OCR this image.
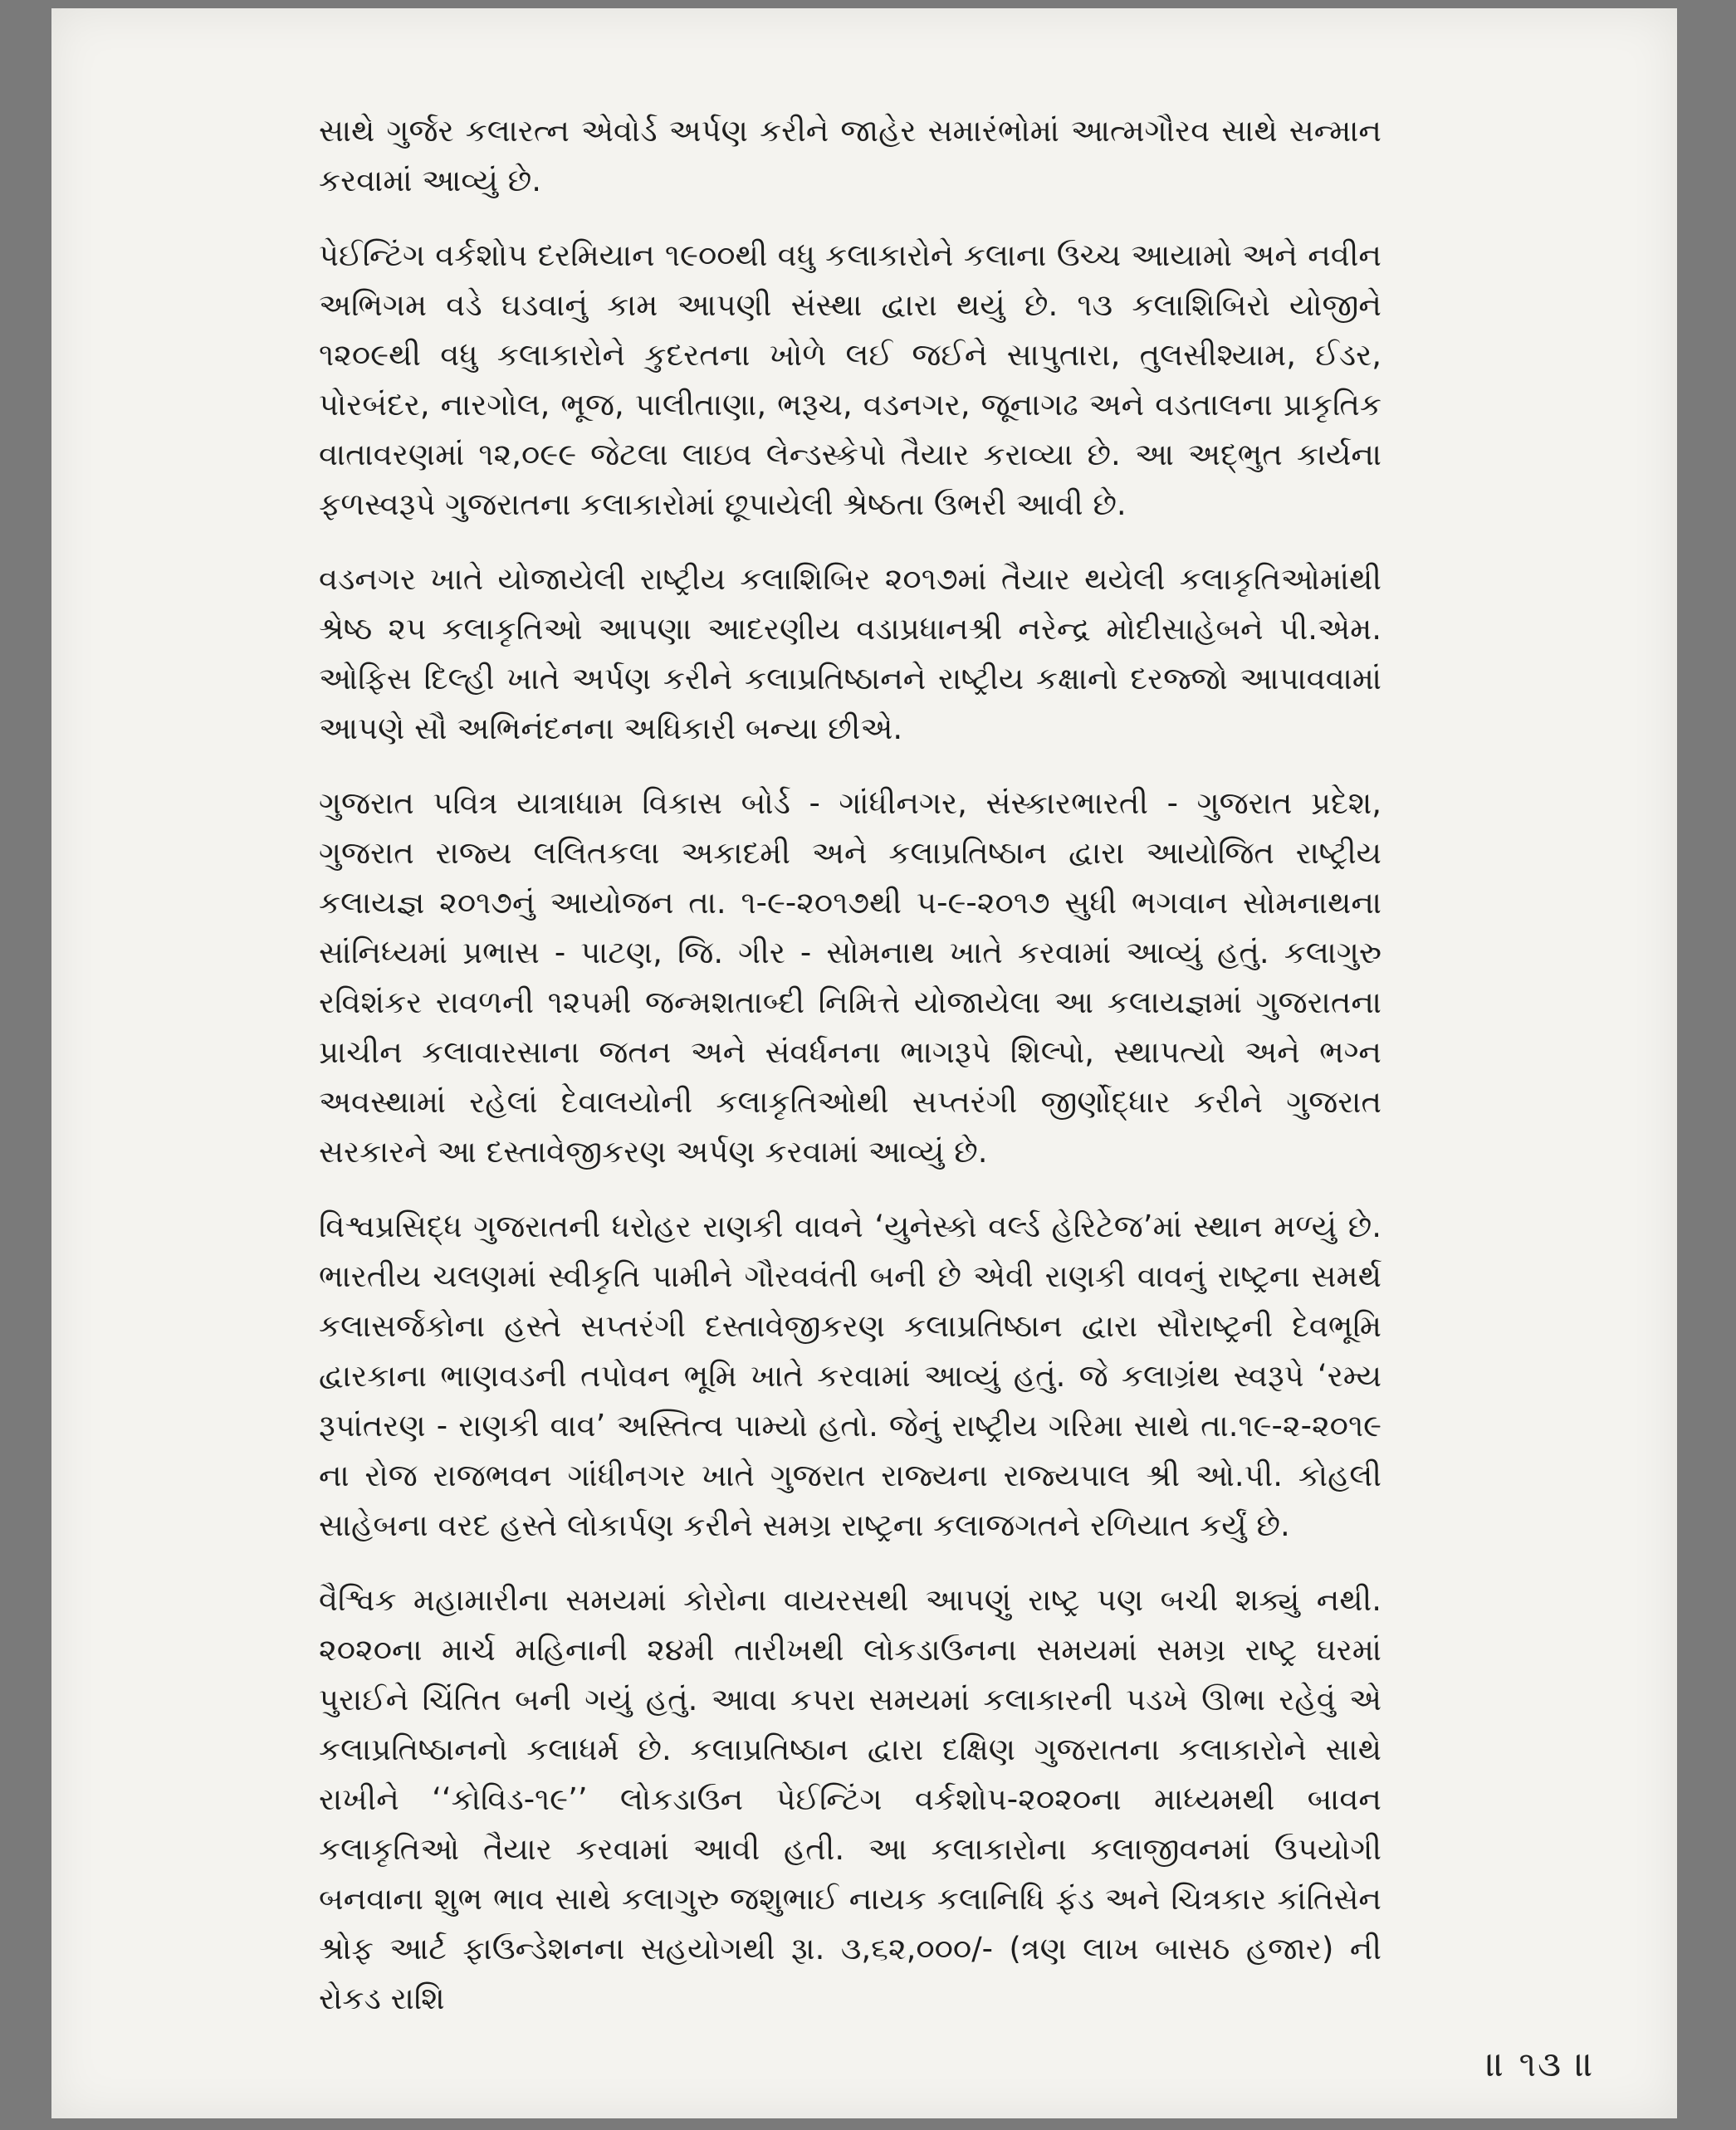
સાથે ગુર્જર કલારત્ન એવોર્ડ અર્પણ કરીને જાહેર સમારંભોમાં આત્મગૌરવ સાથે સન્માન કરવામાં આવ્યું છે.

પેઈન્ટિંગ વર્કશોપ દરમિયાન ૧૯૦૦થી વધુ કલાકારોને કલાના ઉચ્ચ આયામો અને નવીન અભિગમ વડે ઘડવાનું કામ આપણી સંસ્થા દ્વારા થયું છે. ૧૩ કલાશિબિરો યોજીને ૧૨૦૯થી વધુ કલાકારોને કુદરતના ખોળે લઈ જઈને સાપુતારા, તુલસીશ્યામ, ઈડર, પોરબંદર, નારગોલ, ભૂજ, પાલીતાણા, ભરૂચ, વડનગર, જૂનાગઢ અને વડતાલના પ્રાકૃતિક વાતાવરણમાં ૧૨,૦૯૯ જેટલા લાઇવ લેન્ડસ્કેપો તૈયાર કરાવ્યા છે. આ અદ્ભુત કાર્યના ફળસ્વરૂપે ગુજરાતના કલાકારોમાં છૂપાયેલી શ્રેષ્ઠતા ઉભરી આવી છે.

વડનગર ખાતે યોજાયેલી રાષ્ટ્રીય કલાશિબિર ૨૦૧૭માં તૈયાર થયેલી કલાકૃતિઓમાંથી શ્રેષ્ઠ ૨૫ કલાકૃતિઓ આપણા આદરણીય વડાપ્રધાનશ્રી નરેન્દ્ર મોદીસાહેબને પી.એમ. ઓફિસ દિલ્હી ખાતે અર્પણ કરીને કલાપ્રતિષ્ઠાનને રાષ્ટ્રીય કક્ષાનો દરજ્જો આપાવવામાં આપણે સૌ અભિનંદનના અધિકારી બન્યા છીએ.

ગુજરાત પવિત્ર યાત્રાધામ વિકાસ બોર્ડ - ગાંધીનગર, સંસ્કારભારતી - ગુજરાત પ્રદેશ, ગુજરાત રાજ્ય લલિતકલા અકાદમી અને કલાપ્રતિષ્ઠાન દ્વારા આયોજિત રાષ્ટ્રીય કલાયજ્ઞ ૨૦૧૭નું આયોજન તા. ૧-૯-૨૦૧૭થી ૫-૯-૨૦૧૭ સુધી ભગવાન સોમનાથના સાંનિધ્યમાં પ્રભાસ - પાટણ, જિ. ગીર - સોમનાથ ખાતે કરવામાં આવ્યું હતું. કલાગુરુ રવિશંકર રાવળની ૧૨૫મી જન્મશતાબ્દી નિમિત્તે યોજાયેલા આ કલાયજ્ઞમાં ગુજરાતના પ્રાચીન કલાવારસાના જતન અને સંવર્ધનના ભાગરૂપે શિલ્પો, સ્થાપત્યો અને ભગ્ન અવસ્થામાં રહેલાં દેવાલયોની કલાકૃતિઓથી સપ્તરંગી જીર્ણોદ્ધાર કરીને ગુજરાત સરકારને આ દસ્તાવેજીકરણ અર્પણ કરવામાં આવ્યું છે.

વિશ્વપ્રસિદ્ધ ગુજરાતની ધરોહર રાણકી વાવને ‘યુનેસ્કો વર્લ્ડ હેરિટેજ’માં સ્થાન મળ્યું છે. ભારતીય ચલણમાં સ્વીકૃતિ પામીને ગૌરવવંતી બની છે એવી રાણકી વાવનું રાષ્ટ્રના સમર્થ કલાસર્જકોના હસ્તે સપ્તરંગી દસ્તાવેજીકરણ કલાપ્રતિષ્ઠાન દ્વારા સૌરાષ્ટ્રની દેવભૂમિ દ્વારકાના ભાણવડની તપોવન ભૂમિ ખાતે કરવામાં આવ્યું હતું. જે કલાગ્રંથ સ્વરૂપે ‘રમ્ય રૂપાંતરણ - રાણકી વાવ’ અસ્તિત્વ પામ્યો હતો. જેનું રાષ્ટ્રીય ગરિમા સાથે તા.૧૯-૨-૨૦૧૯ ના રોજ રાજભવન ગાંધીનગર ખાતે ગુજરાત રાજ્યના રાજ્યપાલ શ્રી ઓ.પી. કોહલી સાહેબના વરદ હસ્તે લોકાર્પણ કરીને સમગ્ર રાષ્ટ્રના કલાજગતને રળિયાત કર્યું છે.

વૈશ્વિક મહામારીના સમયમાં કોરોના વાયરસથી આપણું રાષ્ટ્ર પણ બચી શક્યું નથી. ૨૦૨૦ના માર્ચ મહિનાની ૨૪મી તારીખથી લોકડાઉનના સમયમાં સમગ્ર રાષ્ટ્ર ઘરમાં પુરાઈને ચિંતિત બની ગયું હતું. આવા કપરા સમયમાં કલાકારની પડખે ઊભા રહેવું એ કલાપ્રતિષ્ઠાનનો કલાધર્મ છે. કલાપ્રતિષ્ઠાન દ્વારા દક્ષિણ ગુજરાતના કલાકારોને સાથે રાખીને ‘‘કોવિડ-૧૯’’ લોકડાઉન પેઈન્ટિંગ વર્કશોપ-૨૦૨૦ના માધ્યમથી બાવન કલાકૃતિઓ તૈયાર કરવામાં આવી હતી. આ કલાકારોના કલાજીવનમાં ઉપયોગી બનવાના શુભ ભાવ સાથે કલાગુરુ જશુભાઈ નાયક કલાનિધિ ફંડ અને ચિત્રકાર કાંતિસેન શ્રોફ આર્ટ ફાઉન્ડેશનના સહયોગથી રૂા. ૩,૬૨,૦૦૦/- (ત્રણ લાખ બાસઠ હજાર) ની રોકડ રાશિ

॥ ૧૩ ॥
